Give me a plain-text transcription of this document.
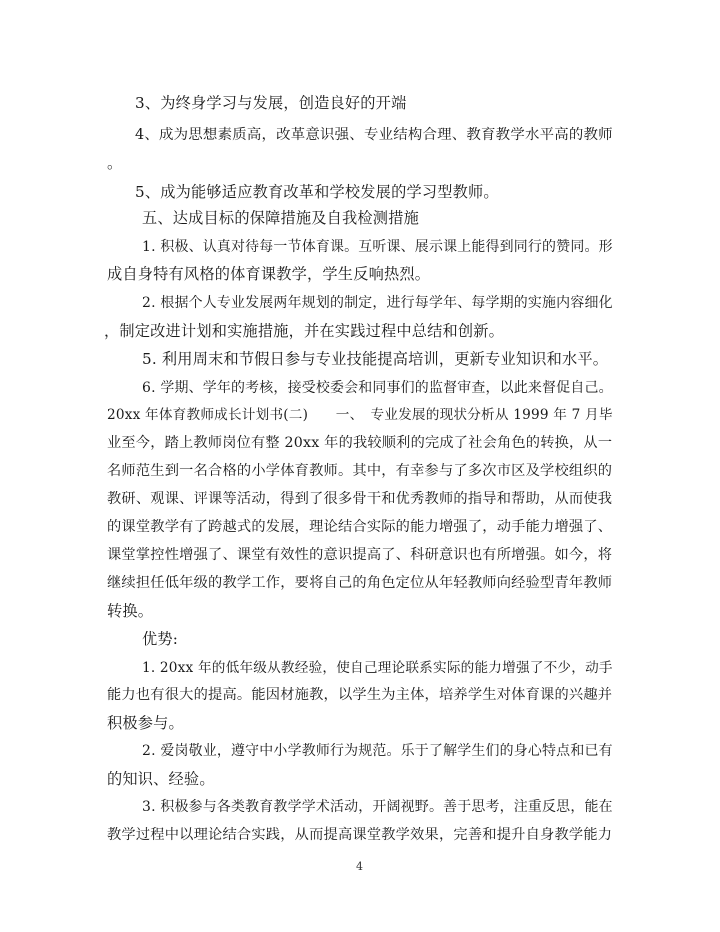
3、为终身学习与发展，创造良好的开端
4、成为思想素质高，改革意识强、专业结构合理、教育教学水平高的教师
。
5、成为能够适应教育改革和学校发展的学习型教师。
五、达成目标的保障措施及自我检测措施
1. 积极、认真对待每一节体育课。互听课、展示课上能得到同行的赞同。形
成自身特有风格的体育课教学，学生反响热烈。
2. 根据个人专业发展两年规划的制定，进行每学年、每学期的实施内容细化
，制定改进计划和实施措施，并在实践过程中总结和创新。
5. 利用周末和节假日参与专业技能提高培训，更新专业知识和水平。
6. 学期、学年的考核，接受校委会和同事们的监督审查，以此来督促自己。
20xx 年体育教师成长计划书(二)　　一、　专业发展的现状分析从 1999 年 7 月毕
业至今，踏上教师岗位有整 20xx 年的我较顺利的完成了社会角色的转换，从一
名师范生到一名合格的小学体育教师。其中，有幸参与了多次市区及学校组织的
教研、观课、评课等活动，得到了很多骨干和优秀教师的指导和帮助，从而使我
的课堂教学有了跨越式的发展，理论结合实际的能力增强了，动手能力增强了、
课堂掌控性增强了、课堂有效性的意识提高了、科研意识也有所增强。如今，将
继续担任低年级的教学工作，要将自己的角色定位从年轻教师向经验型青年教师
转换。
优势:
1. 20xx 年的低年级从教经验，使自己理论联系实际的能力增强了不少，动手
能力也有很大的提高。能因材施教，以学生为主体，培养学生对体育课的兴趣并
积极参与。
2. 爱岗敬业，遵守中小学教师行为规范。乐于了解学生们的身心特点和已有
的知识、经验。
3. 积极参与各类教育教学学术活动，开阔视野。善于思考，注重反思，能在
教学过程中以理论结合实践，从而提高课堂教学效果，完善和提升自身教学能力
4
